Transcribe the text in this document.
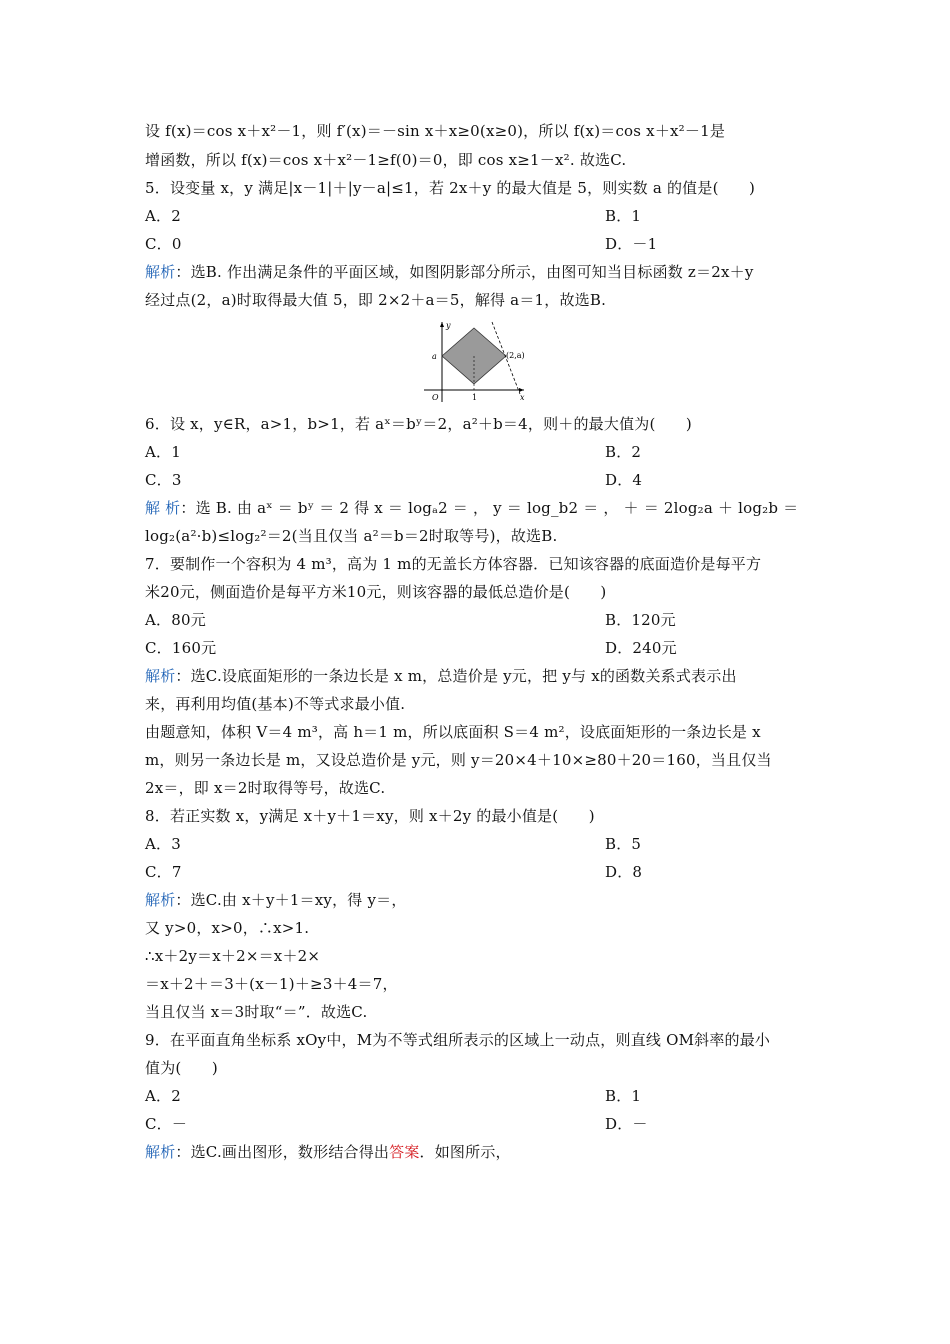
设 f(x)＝cos x＋x²－1，则 f′(x)＝－sin x＋x≥0(x≥0)，所以 f(x)＝cos x＋x²－1是
增函数，所以 f(x)＝cos x＋x²－1≥f(0)＝0，即 cos x≥1－x². 故选C.
5．设变量 x，y 满足|x－1|＋|y－a|≤1，若 2x＋y 的最大值是 5，则实数 a 的值是(　　)
A．2	B．1
C．0	D．－1
解析：选B. 作出满足条件的平面区域，如图阴影部分所示，由图可知当目标函数 z＝2x＋y
经过点(2，a)时取得最大值 5，即 2×2＋a＝5，解得 a＝1，故选B.
y
x
a
O	1
(2,a)
6．设 x，y∈R，a>1，b>1，若 aˣ＝bʸ＝2，a²＋b＝4，则＋的最大值为(　　)
A．1	B．2
C．3	D．4
解 析：选 B. 由 aˣ ＝ bʸ ＝ 2 得 x ＝ logₐ2 ＝ ， y ＝ log_b2 ＝ ， ＋ ＝ 2log₂a ＋ log₂b ＝
log₂(a²·b)≤log₂²＝2(当且仅当 a²＝b＝2时取等号)，故选B.
7．要制作一个容积为 4 m³，高为 1 m的无盖长方体容器．已知该容器的底面造价是每平方
米20元，侧面造价是每平方米10元，则该容器的最低总造价是(　　)
A．80元	B．120元
C．160元	D．240元
解析：选C.设底面矩形的一条边长是 x m，总造价是 y元，把 y与 x的函数关系式表示出
来，再利用均值(基本)不等式求最小值.
由题意知，体积 V＝4 m³，高 h＝1 m，所以底面积 S＝4 m²，设底面矩形的一条边长是 x
m，则另一条边长是 m，又设总造价是 y元，则 y＝20×4＋10×≥80＋20＝160，当且仅当
2x＝，即 x＝2时取得等号，故选C.
8．若正实数 x，y满足 x＋y＋1＝xy，则 x＋2y 的最小值是(　　)
A．3	B．5
C．7	D．8
解析：选C.由 x＋y＋1＝xy，得 y＝，
又 y>0，x>0，∴x>1.
∴x＋2y＝x＋2×＝x＋2×
＝x＋2＋＝3＋(x－1)＋≥3＋4＝7，
当且仅当 x＝3时取“＝”．故选C.
9．在平面直角坐标系 xOy中，M为不等式组所表示的区域上一动点，则直线 OM斜率的最小
值为(　　)
A．2	B．1
C．－	D．－
解析：选C.画出图形，数形结合得出答案．如图所示，
